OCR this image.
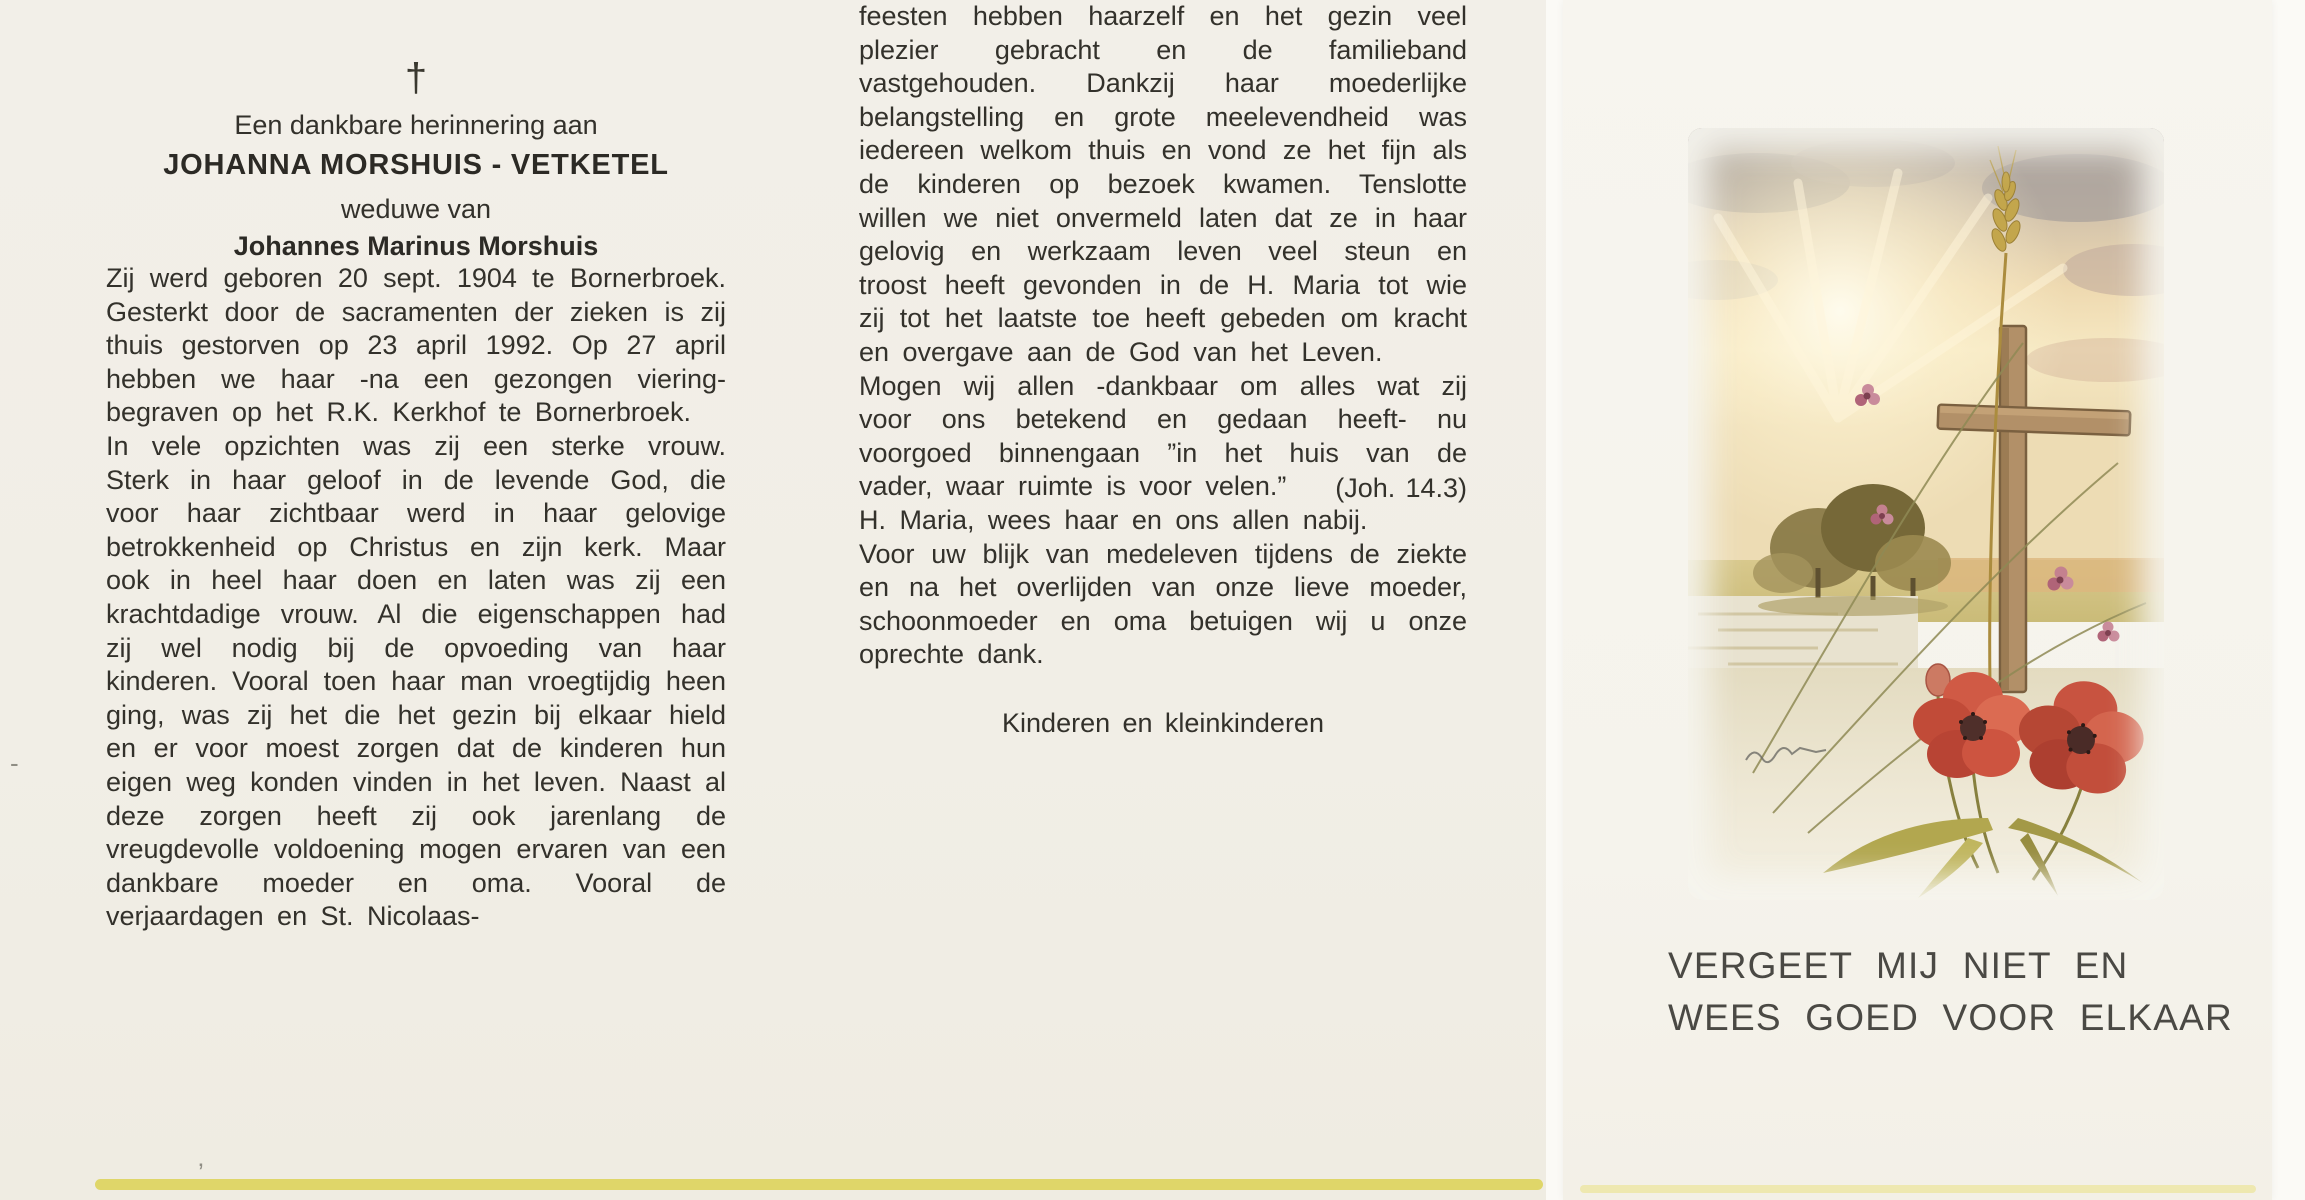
†
Een dankbare herinnering aan
JOHANNA MORSHUIS - VETKETEL
weduwe van
Johannes Marinus Morshuis

Zij werd geboren 20 sept. 1904 te Bornerbroek. Gesterkt door de sacramenten der zieken is zij thuis gestorven op 23 april 1992. Op 27 april hebben we haar -na een gezongen viering- begraven op het R.K. Kerkhof te Bornerbroek.

In vele opzichten was zij een sterke vrouw. Sterk in haar geloof in de levende God, die voor haar zichtbaar werd in haar gelovige betrokkenheid op Christus en zijn kerk. Maar ook in heel haar doen en laten was zij een krachtdadige vrouw. Al die eigenschappen had zij wel nodig bij de opvoeding van haar kinderen. Vooral toen haar man vroegtijdig heen ging, was zij het die het gezin bij elkaar hield en er voor moest zorgen dat de kinderen hun eigen weg konden vinden in het leven. Naast al deze zorgen heeft zij ook jarenlang de vreugdevolle voldoening mogen ervaren van een dankbare moeder en oma. Vooral de verjaardagen en St. Nicolaas-

feesten hebben haarzelf en het gezin veel plezier gebracht en de familieband vastgehouden. Dankzij haar moederlijke belangstelling en grote meelevendheid was iedereen welkom thuis en vond ze het fijn als de kinderen op bezoek kwamen. Tenslotte willen we niet onvermeld laten dat ze in haar gelovig en werkzaam leven veel steun en troost heeft gevonden in de H. Maria tot wie zij tot het laatste toe heeft gebeden om kracht en overgave aan de God van het Leven.

Mogen wij allen -dankbaar om alles wat zij voor ons betekend en gedaan heeft- nu voorgoed binnengaan ”in het huis van de vader, waar ruimte is voor velen.”	(Joh. 14.3)

H. Maria, wees haar en ons allen nabij.

Voor uw blijk van medeleven tijdens de ziekte en na het overlijden van onze lieve moeder, schoonmoeder en oma betuigen wij u onze oprechte dank.

Kinderen en kleinkinderen
VERGEET MIJ NIET EN
WEES GOED VOOR ELKAAR
-
‚
